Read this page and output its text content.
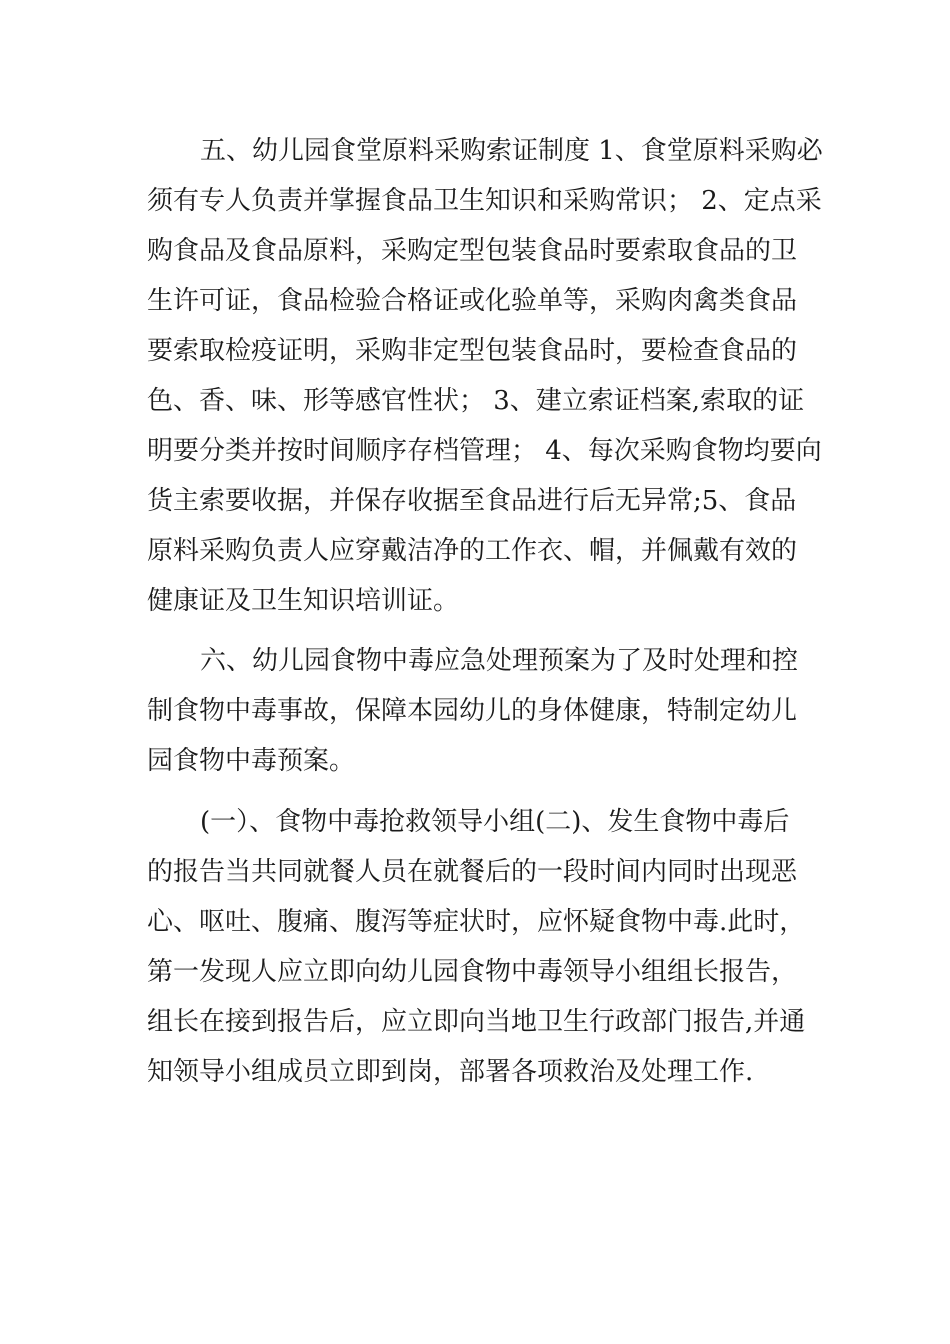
五、幼儿园食堂原料采购索证制度 1、食堂原料采购必
须有专人负责并掌握食品卫生知识和采购常识； 2、定点采
购食品及食品原料，采购定型包装食品时要索取食品的卫
生许可证，食品检验合格证或化验单等，采购肉禽类食品
要索取检疫证明，采购非定型包装食品时，要检查食品的
色、香、味、形等感官性状； 3、建立索证档案,索取的证
明要分类并按时间顺序存档管理； 4、每次采购食物均要向
货主索要收据，并保存收据至食品进行后无异常;5、食品
原料采购负责人应穿戴洁净的工作衣、帽，并佩戴有效的
健康证及卫生知识培训证。
六、幼儿园食物中毒应急处理预案为了及时处理和控
制食物中毒事故，保障本园幼儿的身体健康，特制定幼儿
园食物中毒预案。
(一）、食物中毒抢救领导小组(二)、发生食物中毒后
的报告当共同就餐人员在就餐后的一段时间内同时出现恶
心、呕吐、腹痛、腹泻等症状时，应怀疑食物中毒.此时，
第一发现人应立即向幼儿园食物中毒领导小组组长报告，
组长在接到报告后，应立即向当地卫生行政部门报告,并通
知领导小组成员立即到岗，部署各项救治及处理工作.
